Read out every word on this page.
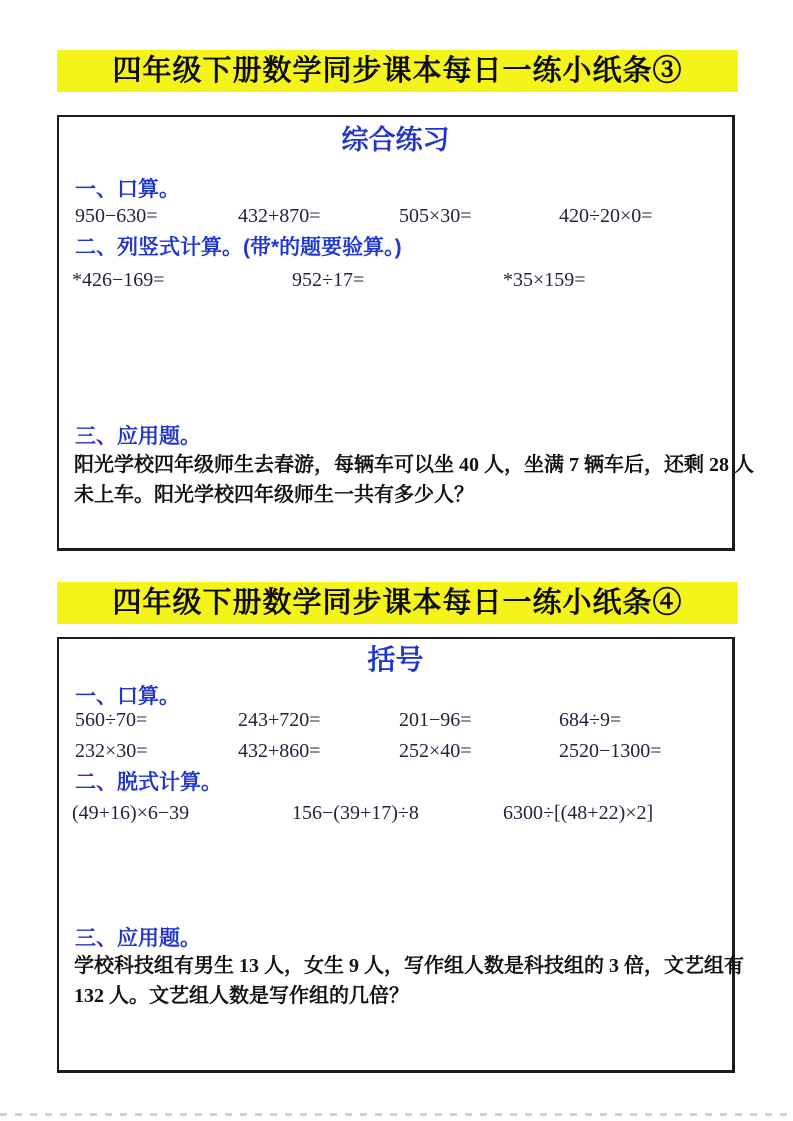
四年级下册数学同步课本每日一练小纸条③
综合练习
一、口算。
950−630=	432+870=	505×30=	420÷20×0=
二、列竖式计算。(带*的题要验算。)
*426−169=	952÷17=	*35×159=
三、应用题。
阳光学校四年级师生去春游，每辆车可以坐 40 人，坐满 7 辆车后，还剩 28 人
未上车。阳光学校四年级师生一共有多少人？
四年级下册数学同步课本每日一练小纸条④
括号
一、口算。
560÷70=	243+720=	201−96=	684÷9=
232×30=	432+860=	252×40=	2520−1300=
二、脱式计算。
(49+16)×6−39	156−(39+17)÷8	6300÷[(48+22)×2]
三、应用题。
学校科技组有男生 13 人，女生 9 人，写作组人数是科技组的 3 倍，文艺组有
132 人。文艺组人数是写作组的几倍？
